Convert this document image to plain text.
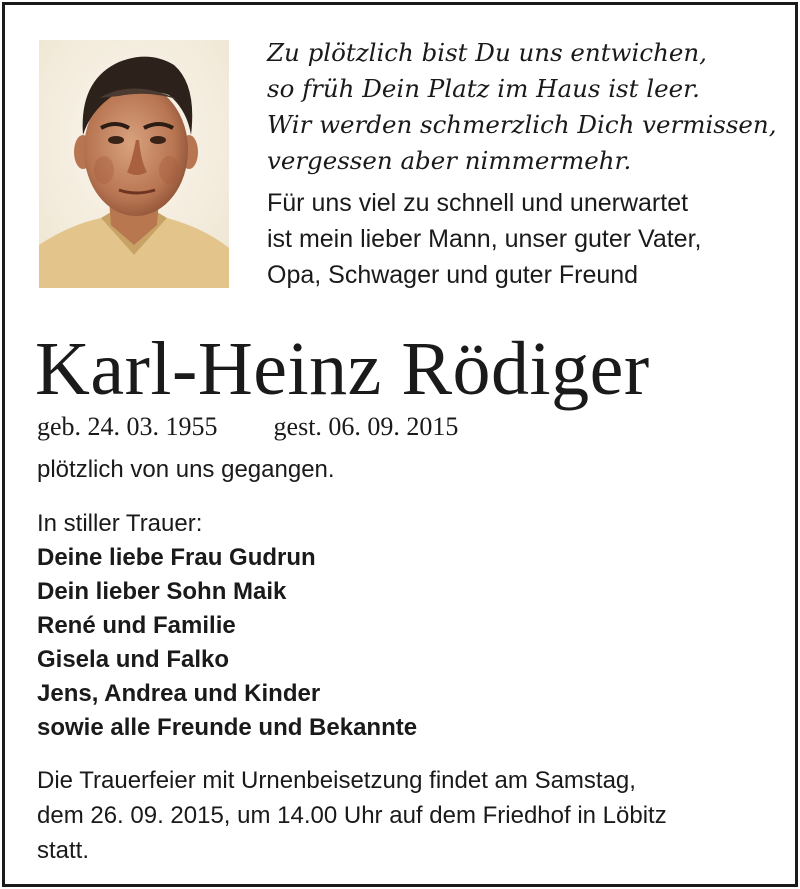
Zu plötzlich bist Du uns entwichen,
so früh Dein Platz im Haus ist leer.
Wir werden schmerzlich Dich vermissen,
vergessen aber nimmermehr.
Für uns viel zu schnell und unerwartet
ist mein lieber Mann, unser guter Vater,
Opa, Schwager und guter Freund
Karl-Heinz Rödiger
geb. 24. 03. 1955 gest. 06. 09. 2015
plötzlich von uns gegangen.
In stiller Trauer:
Deine liebe Frau Gudrun
Dein lieber Sohn Maik
René und Familie
Gisela und Falko
Jens, Andrea und Kinder
sowie alle Freunde und Bekannte
Die Trauerfeier mit Urnenbeisetzung findet am Samstag,
dem 26. 09. 2015, um 14.00 Uhr auf dem Friedhof in Löbitz
statt.
